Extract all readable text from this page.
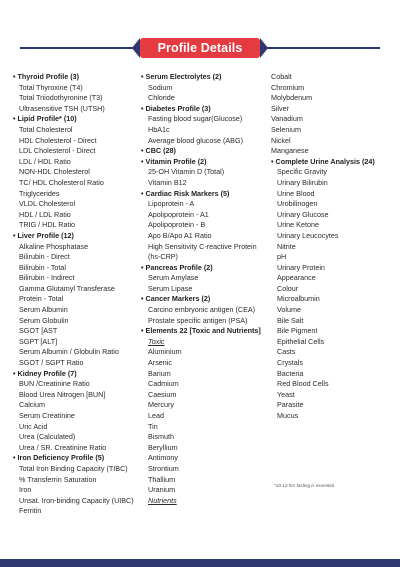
Profile Details
• Thyroid Profile (3)
Total Thyroxine (T4)
Total Triiodothyronine (T3)
Ultrasensitive TSH (UTSH)
• Lipid Profile* (10)
Total Cholesterol
HDL Cholesterol - Direct
LDL Cholesterol - Direct
LDL / HDL Ratio
NON-HDL Cholesterol
TC/ HDL Cholesterol Ratio
Triglycerides
VLDL Cholesterol
HDL / LDL Ratio
TRIG / HDL Ratio
• Liver Profile (12)
Alkaline Phosphatase
Bilirubin - Direct
Bilirubin - Total
Bilirubin - Indirect
Gamma Glutamyl Transferase
Protein - Total
Serum Albumin
Serum Globulin
SGOT [AST
SGPT [ALT]
Serum Albumin / Globulin Ratio
SGOT / SGPT Ratio
• Kidney Profile (7)
BUN /Creatinine Ratio
Blood Urea Nitrogen [BUN]
Calcium
Serum Creatinine
Uric Acid
Urea (Calculated)
Urea / SR. Creatinine Ratio
• Iron Deficiency Profile (5)
Total Iron Binding Capacity (TIBC)
% Transferrin Saturation
Iron
Unsat. Iron-binding Capacity (UIBC)
Ferritin
• Serum Electrolytes (2)
Sodium
Chloride
• Diabetes Profile (3)
Fasting blood sugar(Glucose)
HbA1c
Average blood glucose (ABG)
• CBC (28)
• Vitamin Profile (2)
25-OH Vitamin D (Total)
Vitamin B12
• Cardiac Risk Markers (5)
Lipoprotein - A
Apolipoprotein - A1
Apolipoprotein - B
Apo B/Apo A1 Ratio
High Sensitivity C-reactive Protein
(hs-CRP)
• Pancreas Profile (2)
Serum Amylase
Serum Lipase
• Cancer Markers (2)
Carcino embryonic antigen (CEA)
Prostate specific antigen (PSA)
• Elements 22 [Toxic and Nutrients]
Toxic
Aluminium
Arsenic
Barium
Cadmium
Caesium
Mercury
Lead
Tin
Bismuth
Beryllium
Antimony
Strontium
Thallium
Uranium
Nutrients
Cobalt
Chromium
Molybdenum
Silver
Vanadium
Selenium
Nickel
Manganese
• Complete Urine Analysis (24)
Specific Gravity
Urinary Bilirubin
Urine Blood
Urobilinogen
Urinary Glucose
Urine Ketone
Urinary Leucocytes
Nitrite
pH
Urinary Protein
Appearance
Colour
Microalbumin
Volume
Bile Salt
Bile Pigment
Epithelial Cells
Casts
Crystals
Bacteria
Red Blood Cells
Yeast
Parasite
Mucus
*10-12 hrs fasting is essential
